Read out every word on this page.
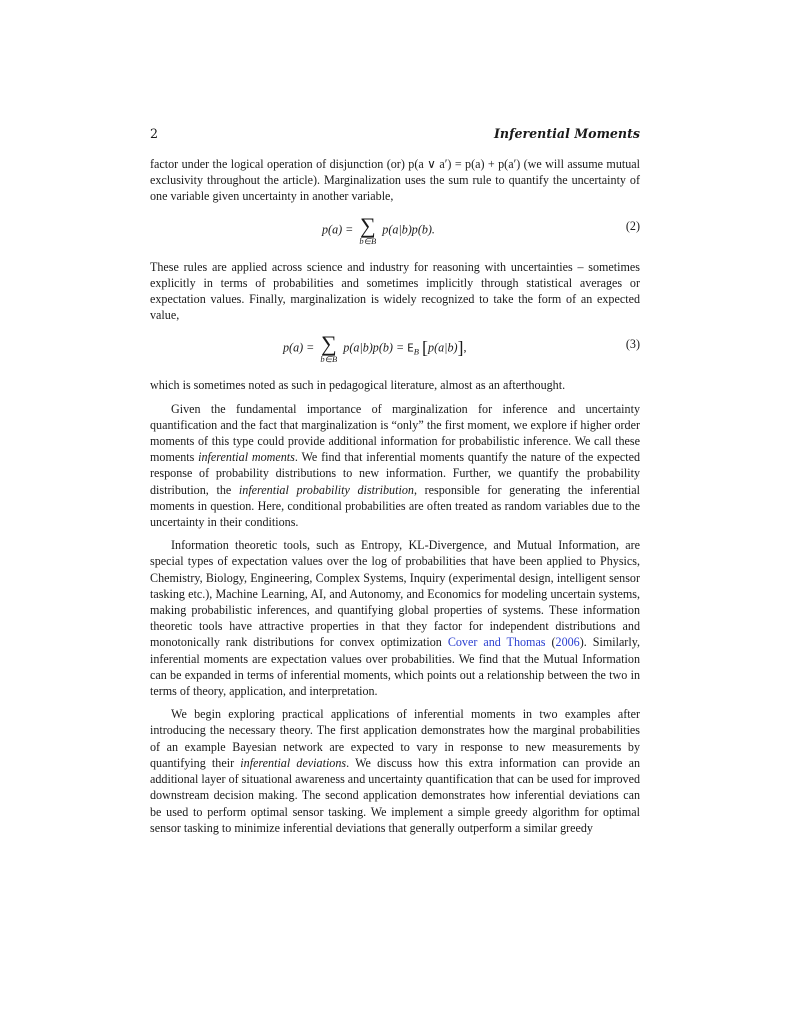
2	Inferential Moments

factor under the logical operation of disjunction (or) p(a ∨ a′) = p(a) + p(a′) (we will assume mutual exclusivity throughout the article). Marginalization uses the sum rule to quantify the uncertainty of one variable given uncertainty in another variable,

p(a) = ∑
b∈B
p(a|b)p(b).	(2)

These rules are applied across science and industry for reasoning with uncertainties – sometimes explicitly in terms of probabilities and sometimes implicitly through statistical averages or expectation values. Finally, marginalization is widely recognized to take the form of an expected value,

p(a) = ∑
b∈B
$p(a|b)p(b) = E_B$ [p(a|b)],	(3)

which is sometimes noted as such in pedagogical literature, almost as an afterthought.

Given the fundamental importance of marginalization for inference and uncertainty quantification and the fact that marginalization is “only” the first moment, we explore if higher order moments of this type could provide additional information for probabilistic inference. We call these moments inferential moments. We find that inferential moments quantify the nature of the expected response of probability distributions to new information. Further, we quantify the probability distribution, the inferential probability distribution, responsible for generating the inferential moments in question. Here, conditional probabilities are often treated as random variables due to the uncertainty in their conditions.

Information theoretic tools, such as Entropy, KL-Divergence, and Mutual Information, are special types of expectation values over the log of probabilities that have been applied to Physics, Chemistry, Biology, Engineering, Complex Systems, Inquiry (experimental design, intelligent sensor tasking etc.), Machine Learning, AI, and Autonomy, and Economics for modeling uncertain systems, making probabilistic inferences, and quantifying global properties of systems. These information theoretic tools have attractive properties in that they factor for independent distributions and monotonically rank distributions for convex optimization Cover and Thomas (2006). Similarly, inferential moments are expectation values over probabilities. We find that the Mutual Information can be expanded in terms of inferential moments, which points out a relationship between the two in terms of theory, application, and interpretation.

We begin exploring practical applications of inferential moments in two examples after introducing the necessary theory. The first application demonstrates how the marginal probabilities of an example Bayesian network are expected to vary in response to new measurements by quantifying their inferential deviations. We discuss how this extra information can provide an additional layer of situational awareness and uncertainty quantification that can be used for improved downstream decision making. The second application demonstrates how inferential deviations can be used to perform optimal sensor tasking. We implement a simple greedy algorithm for optimal sensor tasking to minimize inferential deviations that generally outperform a similar greedy
